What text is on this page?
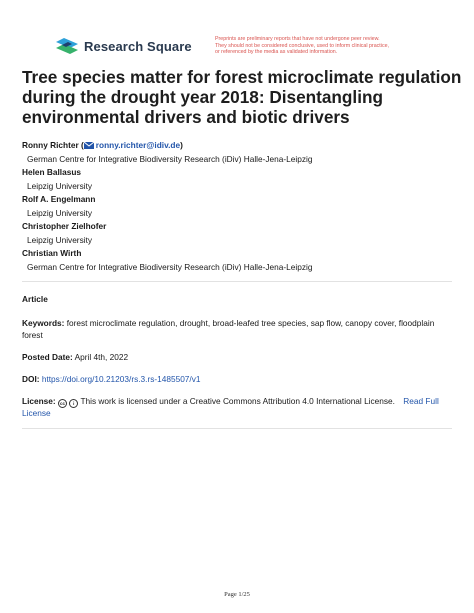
Research Square	Preprints are preliminary reports that have not undergone peer review.
They should not be considered conclusive, used to inform clinical practice,
or referenced by the media as validated information.
Tree species matter for forest microclimate regulation
during the drought year 2018: Disentangling
environmental drivers and biotic drivers
Ronny Richter ( ronny.richter@idiv.de)
German Centre for Integrative Biodiversity Research (iDiv) Halle-Jena-Leipzig
Helen Ballasus
Leipzig University
Rolf A. Engelmann
Leipzig University
Christopher Zielhofer
Leipzig University
Christian Wirth
German Centre for Integrative Biodiversity Research (iDiv) Halle-Jena-Leipzig
Article
Keywords: forest microclimate regulation, drought, broad-leafed tree species, sap flow, canopy cover, floodplain
forest
Posted Date: April 4th, 2022
DOI: https://doi.org/10.21203/rs.3.rs-1485507/v1
License: cc i This work is licensed under a Creative Commons Attribution 4.0 International License. Read Full
License
Page 1/25
